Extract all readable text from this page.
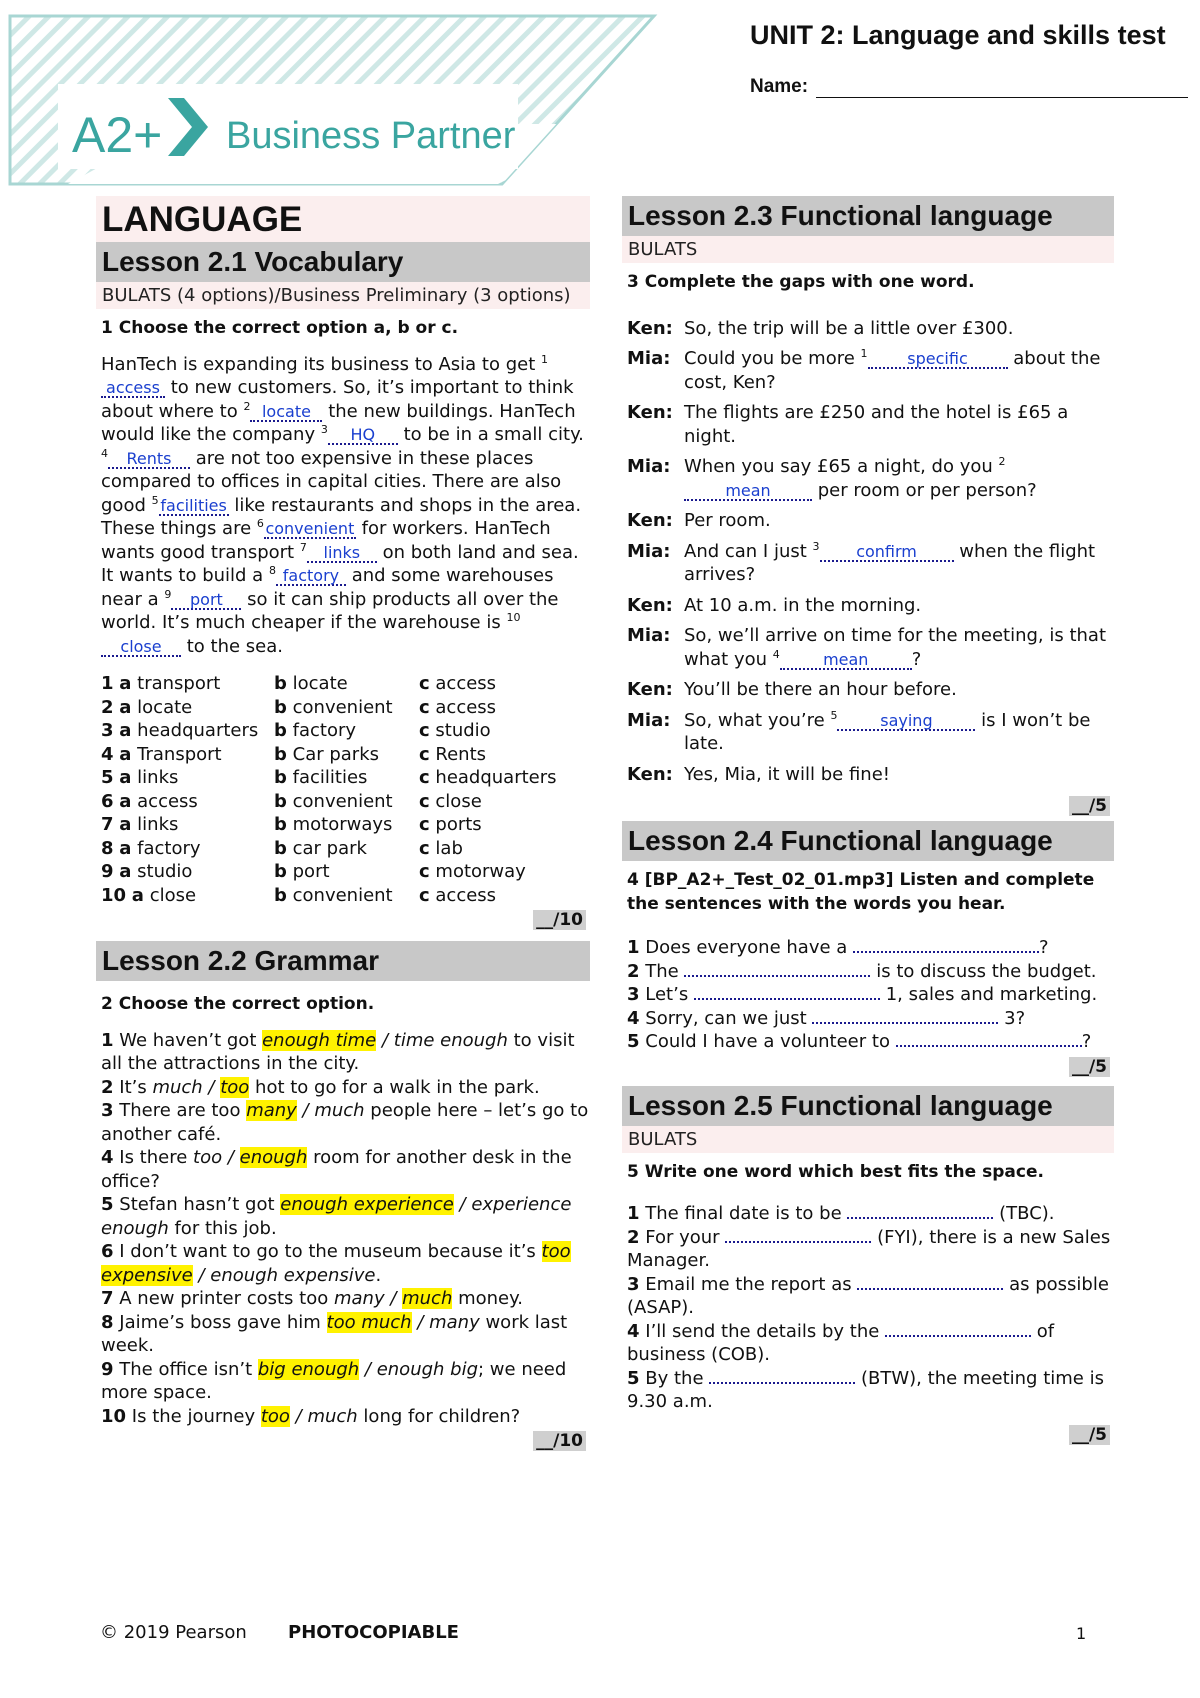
A2+ Business Partner
UNIT 2: Language and skills test
Name:
LANGUAGE
Lesson 2.1 Vocabulary
BULATS (4 options)/Business Preliminary (3 options)
1 Choose the correct option a, b or c.
HanTech is expanding its business to Asia to get $^1$access to new customers. So, it’s important to think about where to $^2$ locate the new buildings. HanTech would like the company $^3$ HQ to be in a small city. $^4$ Rents are not too expensive in these places compared to offices in capital cities. There are also good $^5$ facilities like restaurants and shops in the area. These things are $^6$convenient for workers. HanTech wants good transport $^7$ links on both land and sea. It wants to build a $^8$ factory and some warehouses near a $^9$ port so it can ship products all over the world. It’s much cheaper if the warehouse is $^{10}$close to the sea.
1 a transport	b locate	c access
2 a locate	b convenient	c access
3 a headquarters b factory	c studio
4 a Transport	b Car parks	c Rents
5 a links	b facilities	c headquarters
6 a access	b convenient	c close
7 a links	b motorways	c ports
8 a factory	b car park	c lab
9 a studio	b port	c motorway
10 a close	b convenient	c access
__/10
Lesson 2.2 Grammar
2 Choose the correct option.
1 We haven’t got enough time / time enough to visit all the attractions in the city.
2 It’s much / too hot to go for a walk in the park.
3 There are too many / much people here – let’s go to another café.
4 Is there too / enough room for another desk in the office?
5 Stefan hasn’t got enough experience / experience enough for this job.
6 I don’t want to go to the museum because it’s too expensive / enough expensive.
7 A new printer costs too many / much money.
8 Jaime’s boss gave him too much / many work last week.
9 The office isn’t big enough / enough big; we need more space.
10 Is the journey too / much long for children?
__/10
Lesson 2.3 Functional language
BULATS
3 Complete the gaps with one word.
Ken: So, the trip will be a little over £300.
Mia: Could you be more $^1$ specific	about the cost, Ken?
Ken: The flights are £250 and the hotel is £65 a night.
Mia: When you say £65 a night, do you $^2$mean	per room or per person?
Ken: Per room.
Mia: And can I just $^3$ confirm when the flight arrives?
Ken: At 10 a.m. in the morning.
Mia: So, we’ll arrive on time for the meeting, is that what you $^4$	mean ?
Ken: You’ll be there an hour before.
Mia: So, what you’re $^5$	saying	is I won’t be late.
Ken: Yes, Mia, it will be fine!
__/5
Lesson 2.4 Functional language
4 [BP_A2+_Test_02_01.mp3] Listen and complete the sentences with the words you hear.
1 Does everyone have a	?
2 The	is to discuss the budget.
3 Let’s	1, sales and marketing.
4 Sorry, can we just	3?
5 Could I have a volunteer to	?
__/5
Lesson 2.5 Functional language
BULATS
5 Write one word which best fits the space.
1 The final date is to be	(TBC).
2 For your	(FYI), there is a new Sales Manager.
3 Email me the report as	as possible (ASAP).
4 I’ll send the details by the	of business (COB).
5 By the	(BTW), the meeting time is 9.30 a.m.
__/5
© 2019 Pearson PHOTOCOPIABLE	1
